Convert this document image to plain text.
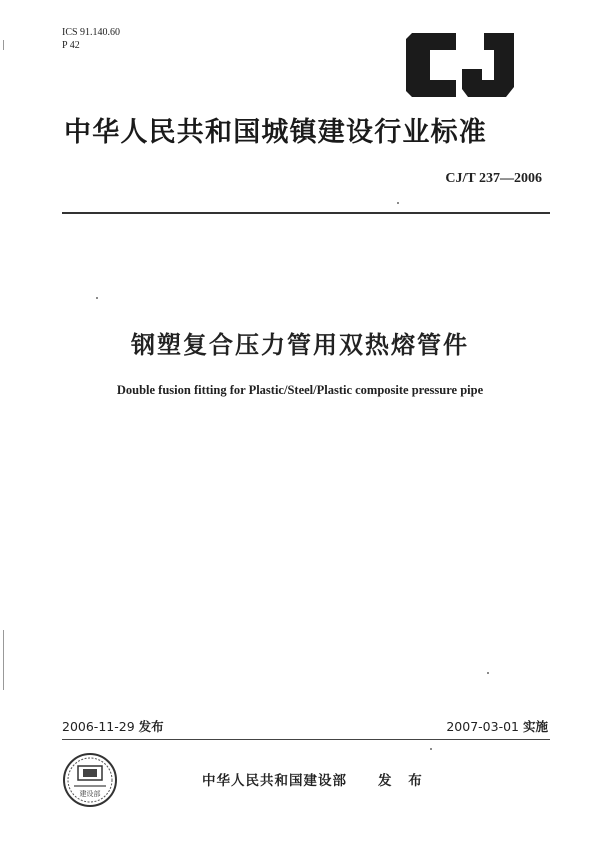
ICS 91.140.60
P 42
CJ
中华人民共和国城镇建设行业标准
CJ/T 237—2006
钢塑复合压力管用双热熔管件
Double fusion fitting for Plastic/Steel/Plastic composite pressure pipe
2006-11-29 发布	2007-03-01 实施
建设部
中华人民共和国建设部 发 布
